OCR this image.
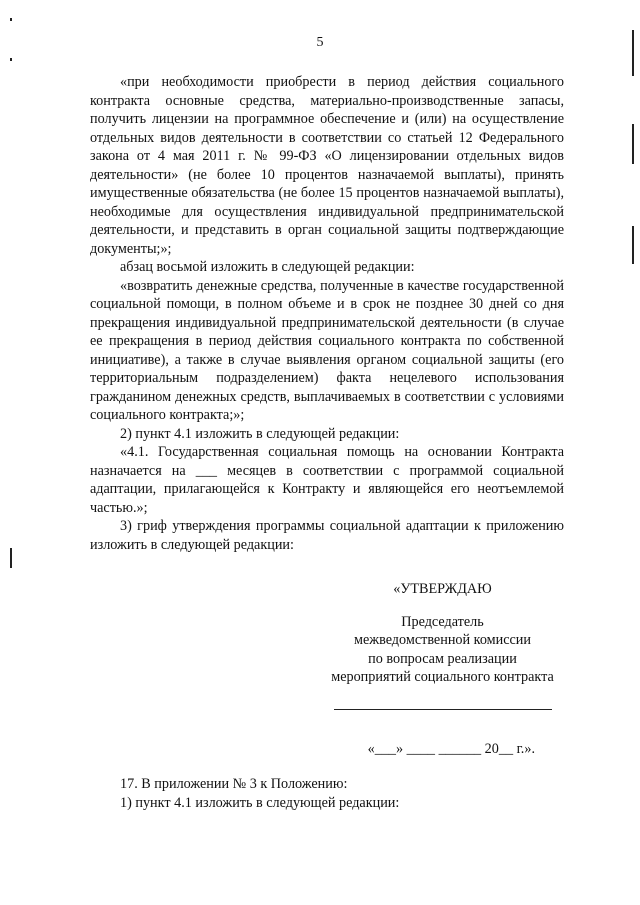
5

«при необходимости приобрести в период действия социального контракта основные средства, материально-производственные запасы, получить лицензии на программное обеспечение и (или) на осуществление отдельных видов деятельности в соответствии со статьей 12 Федерального закона от 4 мая 2011 г. № 99-ФЗ «О лицензировании отдельных видов деятельности» (не более 10 процентов назначаемой выплаты), принять имущественные обязательства (не более 15 процентов назначаемой выплаты), необходимые для осуществления индивидуальной предпринимательской деятельности, и представить в орган социальной защиты подтверждающие документы;»;

абзац восьмой изложить в следующей редакции:

«возвратить денежные средства, полученные в качестве государственной социальной помощи, в полном объеме и в срок не позднее 30 дней со дня прекращения индивидуальной предпринимательской деятельности (в случае ее прекращения в период действия социального контракта по собственной инициативе), а также в случае выявления органом социальной защиты (его территориальным подразделением) факта нецелевого использования гражданином денежных средств, выплачиваемых в соответствии с условиями социального контракта;»;

2) пункт 4.1 изложить в следующей редакции:

«4.1. Государственная социальная помощь на основании Контракта назначается на ___ месяцев в соответствии с программой социальной адаптации, прилагающейся к Контракту и являющейся его неотъемлемой частью.»;

3) гриф утверждения программы социальной адаптации к приложению изложить в следующей редакции:

«УТВЕРЖДАЮ
Председатель
межведомственной комиссии
по вопросам реализации
мероприятий социального контракта
«___» ____ ______ 20__ г.».

17. В приложении № 3 к Положению:

1) пункт 4.1 изложить в следующей редакции:
